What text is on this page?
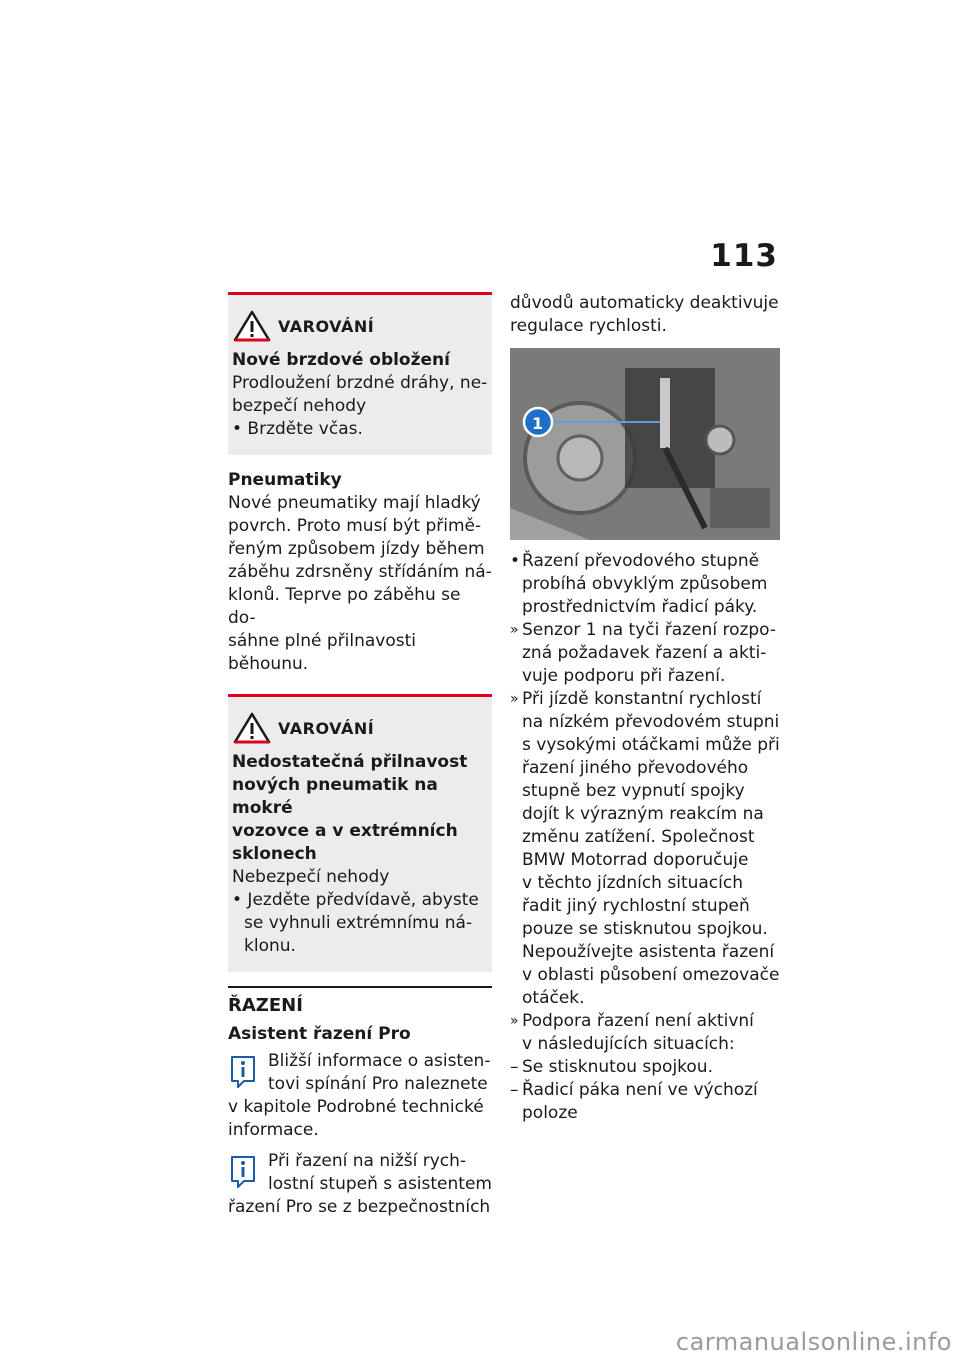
113
VAROVÁNÍ
Nové brzdové obložení
Prodloužení brzdné dráhy, ne-
bezpečí nehody
• Brzděte včas.
Pneumatiky
Nové pneumatiky mají hladký
povrch. Proto musí být přimě-
řeným způsobem jízdy během
záběhu zdrsněny střídáním ná-
klonů. Teprve po záběhu se do-
sáhne plné přilnavosti běhounu.
VAROVÁNÍ
Nedostatečná přilnavost
nových pneumatik na mokré
vozovce a v extrémních
sklonech
Nebezpečí nehody
• Jezděte předvídavě, abyste
se vyhnuli extrémnímu ná-
klonu.
ŘAZENÍ
Asistent řazení Pro
Bližší informace o asisten-
tovi spínání Pro naleznete
v kapitole Podrobné technické
informace.
Při řazení na nižší rych-
lostní stupeň s asistentem
řazení Pro se z bezpečnostních
důvodů automaticky deaktivuje
regulace rychlosti.
1
• Řazení převodového stupně
probíhá obvyklým způsobem
prostřednictvím řadicí páky.
» Senzor 1 na tyči řazení rozpo-
zná požadavek řazení a akti-
vuje podporu při řazení.
» Při jízdě konstantní rychlostí
na nízkém převodovém stupni
s vysokými otáčkami může při
řazení jiného převodového
stupně bez vypnutí spojky
dojít k výrazným reakcím na
změnu zatížení. Společnost
BMW Motorrad doporučuje
v těchto jízdních situacích
řadit jiný rychlostní stupeň
pouze se stisknutou spojkou.
Nepoužívejte asistenta řazení
v oblasti působení omezovače
otáček.
» Podpora řazení není aktivní
v následujících situacích:
– Se stisknutou spojkou.
– Řadicí páka není ve výchozí
poloze
carmanualsonline.info
